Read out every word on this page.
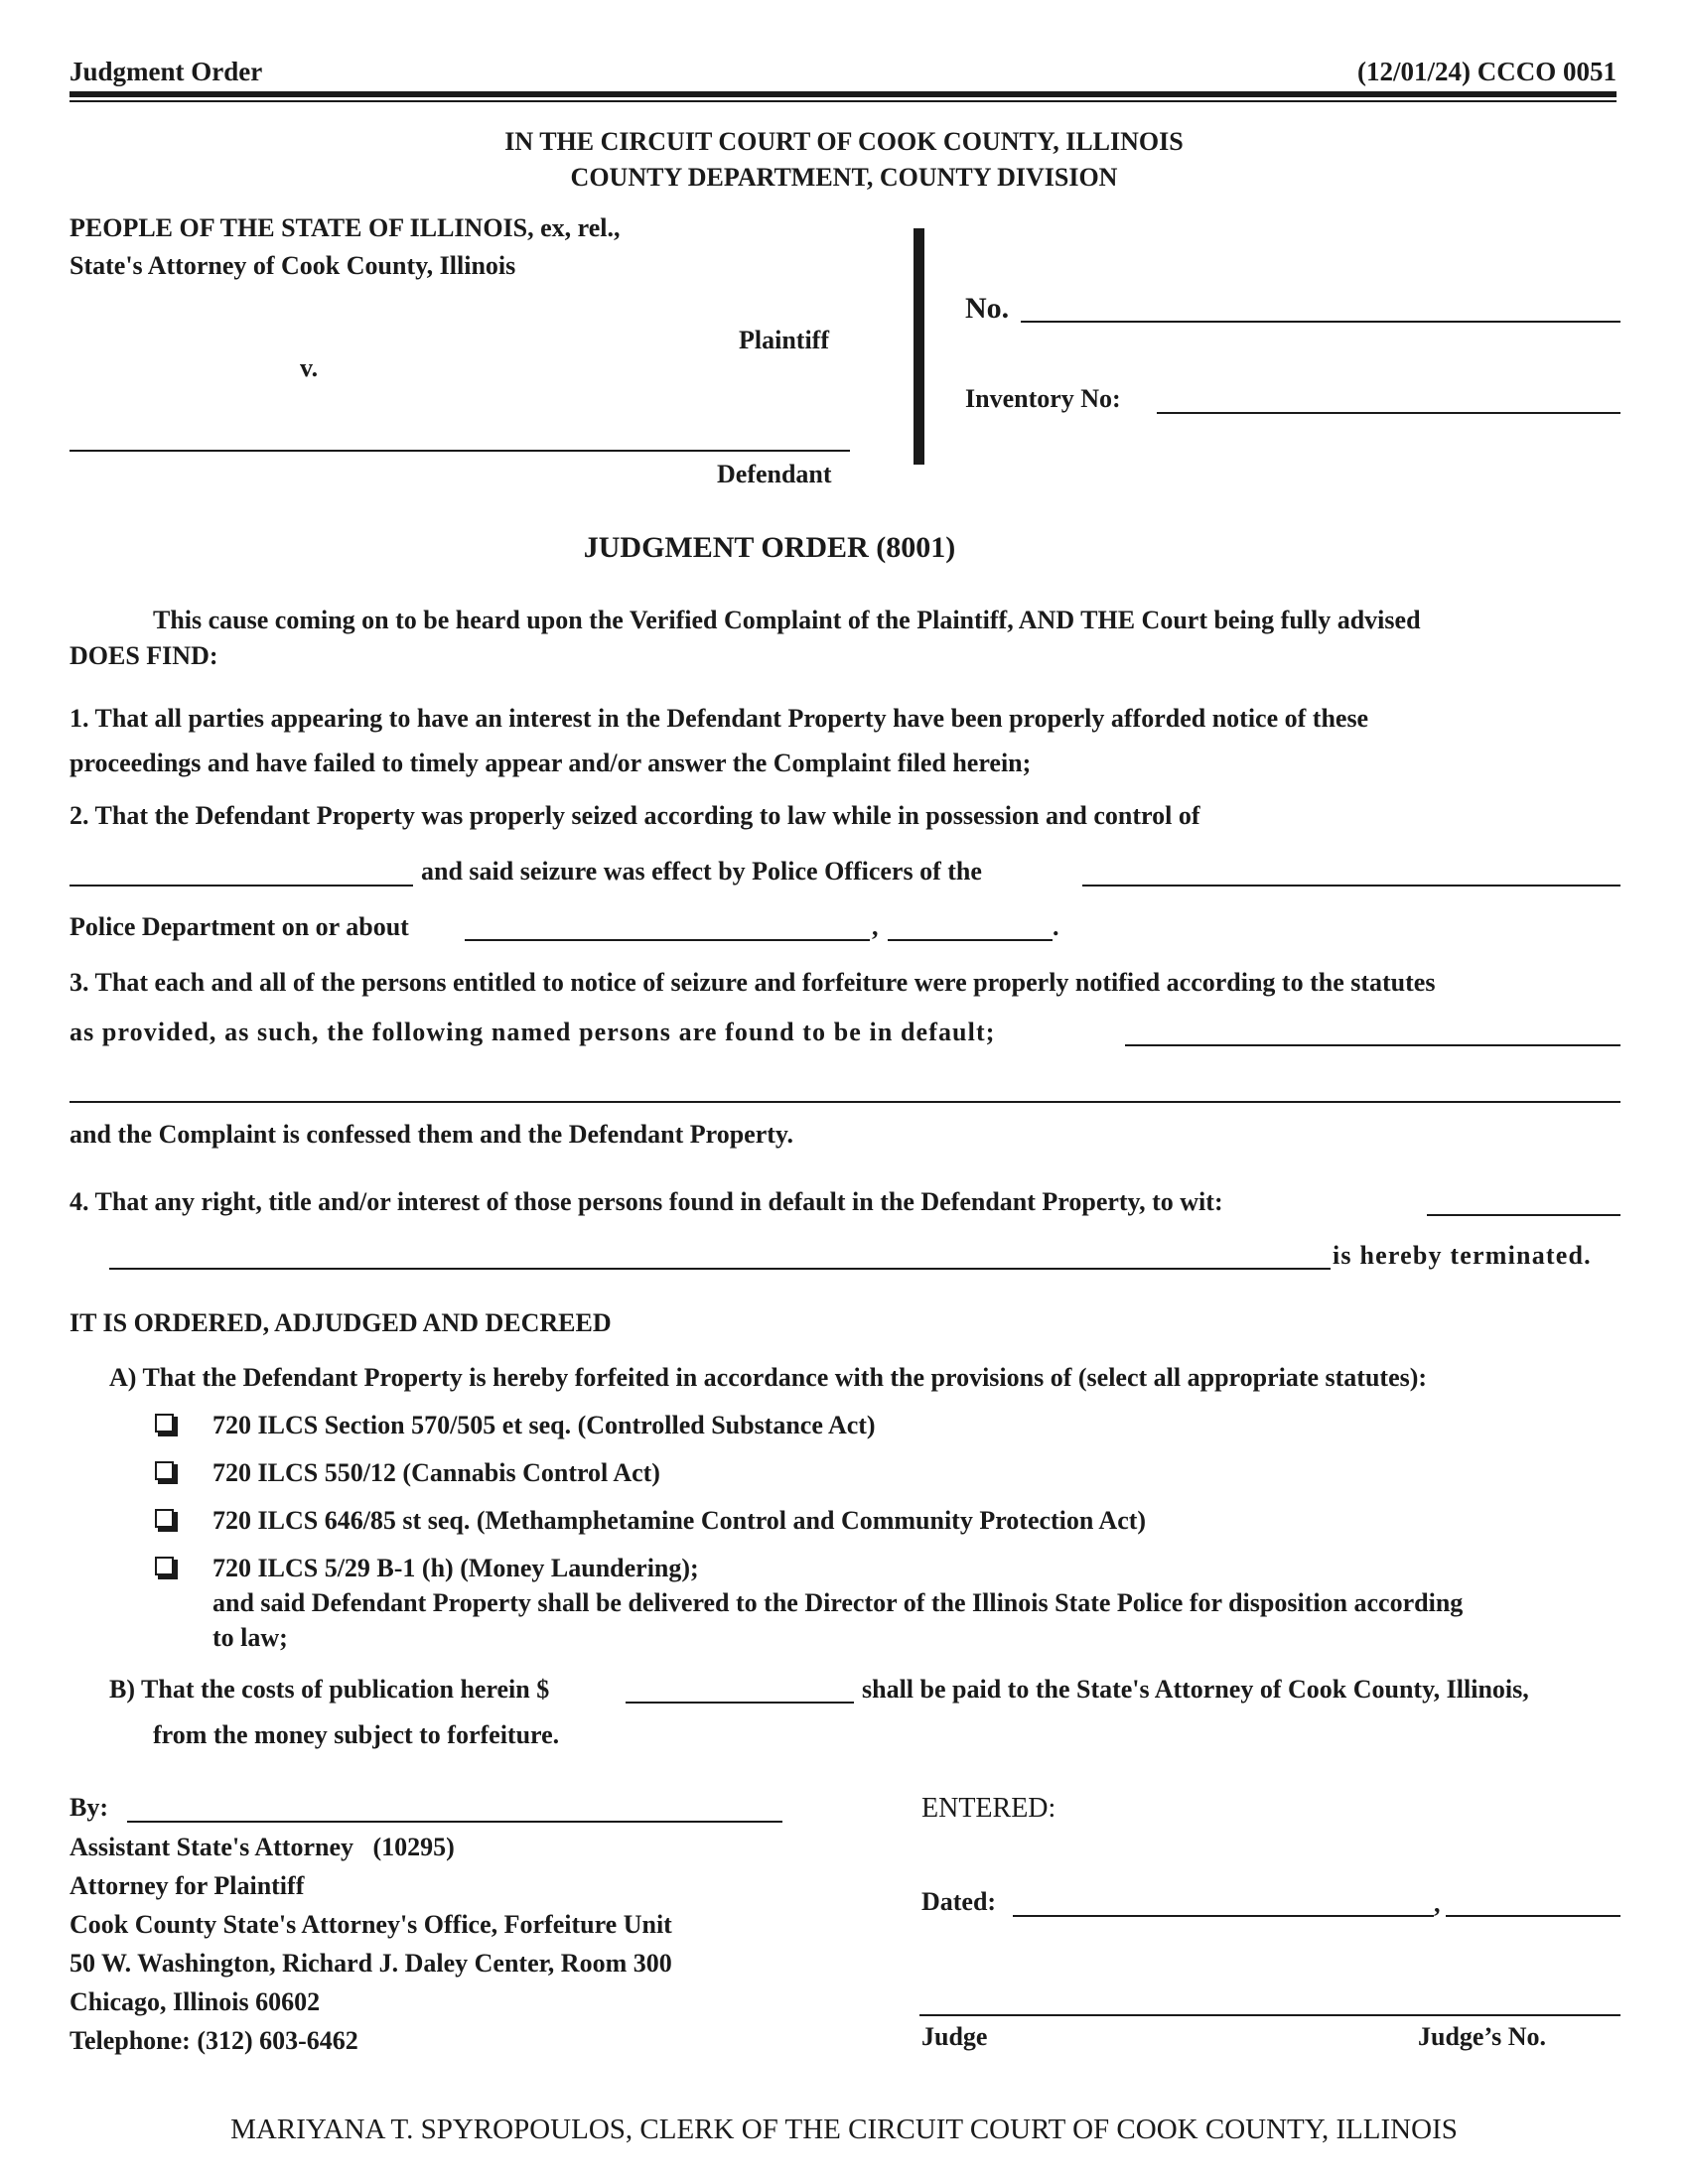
Judgment Order	(12/01/24) CCCO 0051
IN THE CIRCUIT COURT OF COOK COUNTY, ILLINOIS
COUNTY DEPARTMENT, COUNTY DIVISION
PEOPLE OF THE STATE OF ILLINOIS, ex, rel.,
State's Attorney of Cook County, Illinois
Plaintiff
v.
Defendant
No.
Inventory No:
JUDGMENT ORDER (8001)
This cause coming on to be heard upon the Verified Complaint of the Plaintiff, AND THE Court being fully advised
DOES FIND:
1. That all parties appearing to have an interest in the Defendant Property have been properly afforded notice of these
proceedings and have failed to timely appear and/or answer the Complaint filed herein;
2. That the Defendant Property was properly seized according to law while in possession and control of
and said seizure was effect by Police Officers of the
Police Department on or about	,	.
3. That each and all of the persons entitled to notice of seizure and forfeiture were properly notified according to the statutes
as provided, as such, the following named persons are found to be in default;
and the Complaint is confessed them and the Defendant Property.
4. That any right, title and/or interest of those persons found in default in the Defendant Property, to wit:
is hereby terminated.
IT IS ORDERED, ADJUDGED AND DECREED
A) That the Defendant Property is hereby forfeited in accordance with the provisions of (select all appropriate statutes):
720 ILCS Section 570/505 et seq. (Controlled Substance Act)
720 ILCS 550/12 (Cannabis Control Act)
720 ILCS 646/85 st seq. (Methamphetamine Control and Community Protection Act)
720 ILCS 5/29 B-1 (h) (Money Laundering);
and said Defendant Property shall be delivered to the Director of the Illinois State Police for disposition according
to law;
B) That the costs of publication herein $	shall be paid to the State's Attorney of Cook County, Illinois,
from the money subject to forfeiture.
By:
Assistant State's Attorney   (10295)
Attorney for Plaintiff
Cook County State's Attorney's Office, Forfeiture Unit
50 W. Washington, Richard J. Daley Center, Room 300
Chicago, Illinois 60602
Telephone: (312) 603-6462
ENTERED:
Dated:	,
Judge	Judge’s No.
MARIYANA T. SPYROPOULOS, CLERK OF THE CIRCUIT COURT OF COOK COUNTY, ILLINOIS
